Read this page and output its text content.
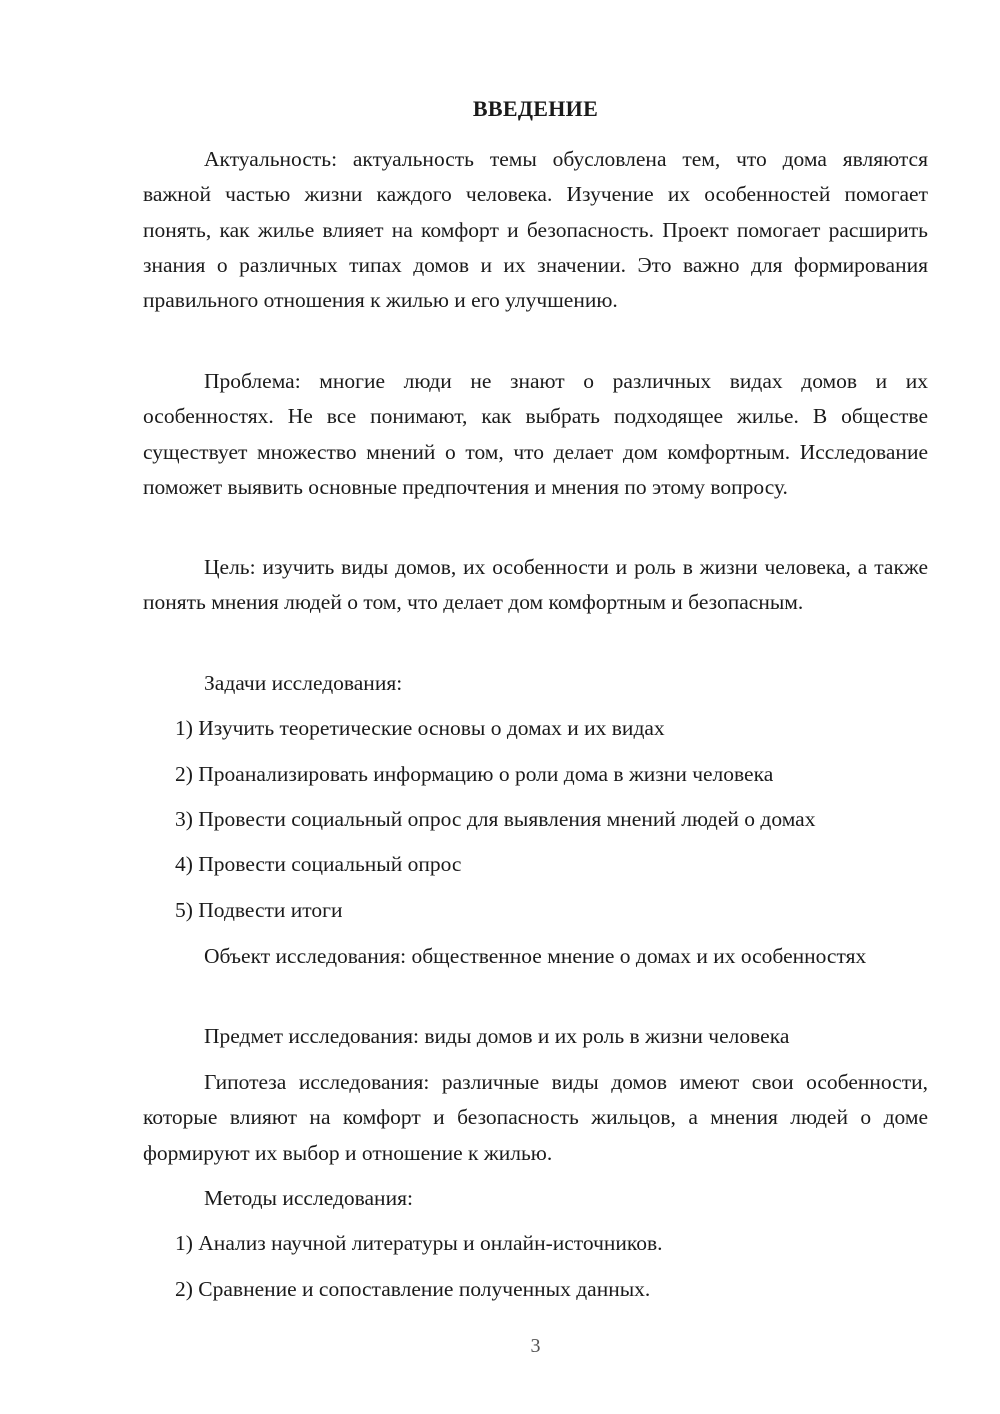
ВВЕДЕНИЕ

Актуальность: актуальность темы обусловлена тем, что дома являются важной частью жизни каждого человека. Изучение их особенностей помогает понять, как жилье влияет на комфорт и безопасность. Проект помогает расширить знания о различных типах домов и их значении. Это важно для формирования правильного отношения к жилью и его улучшению.

Проблема: многие люди не знают о различных видах домов и их особенностях. Не все понимают, как выбрать подходящее жилье. В обществе существует множество мнений о том, что делает дом комфортным. Исследование поможет выявить основные предпочтения и мнения по этому вопросу.

Цель: изучить виды домов, их особенности и роль в жизни человека, а также понять мнения людей о том, что делает дом комфортным и безопасным.

Задачи исследования:

1) Изучить теоретические основы о домах и их видах

2) Проанализировать информацию о роли дома в жизни человека

3) Провести социальный опрос для выявления мнений людей о домах

4) Провести социальный опрос

5) Подвести итоги

Объект исследования: общественное мнение о домах и их особенностях

Предмет исследования: виды домов и их роль в жизни человека

Гипотеза исследования: различные виды домов имеют свои особенности, которые влияют на комфорт и безопасность жильцов, а мнения людей о доме формируют их выбор и отношение к жилью.

Методы исследования:

1) Анализ научной литературы и онлайн-источников.

2) Сравнение и сопоставление полученных данных.

3
